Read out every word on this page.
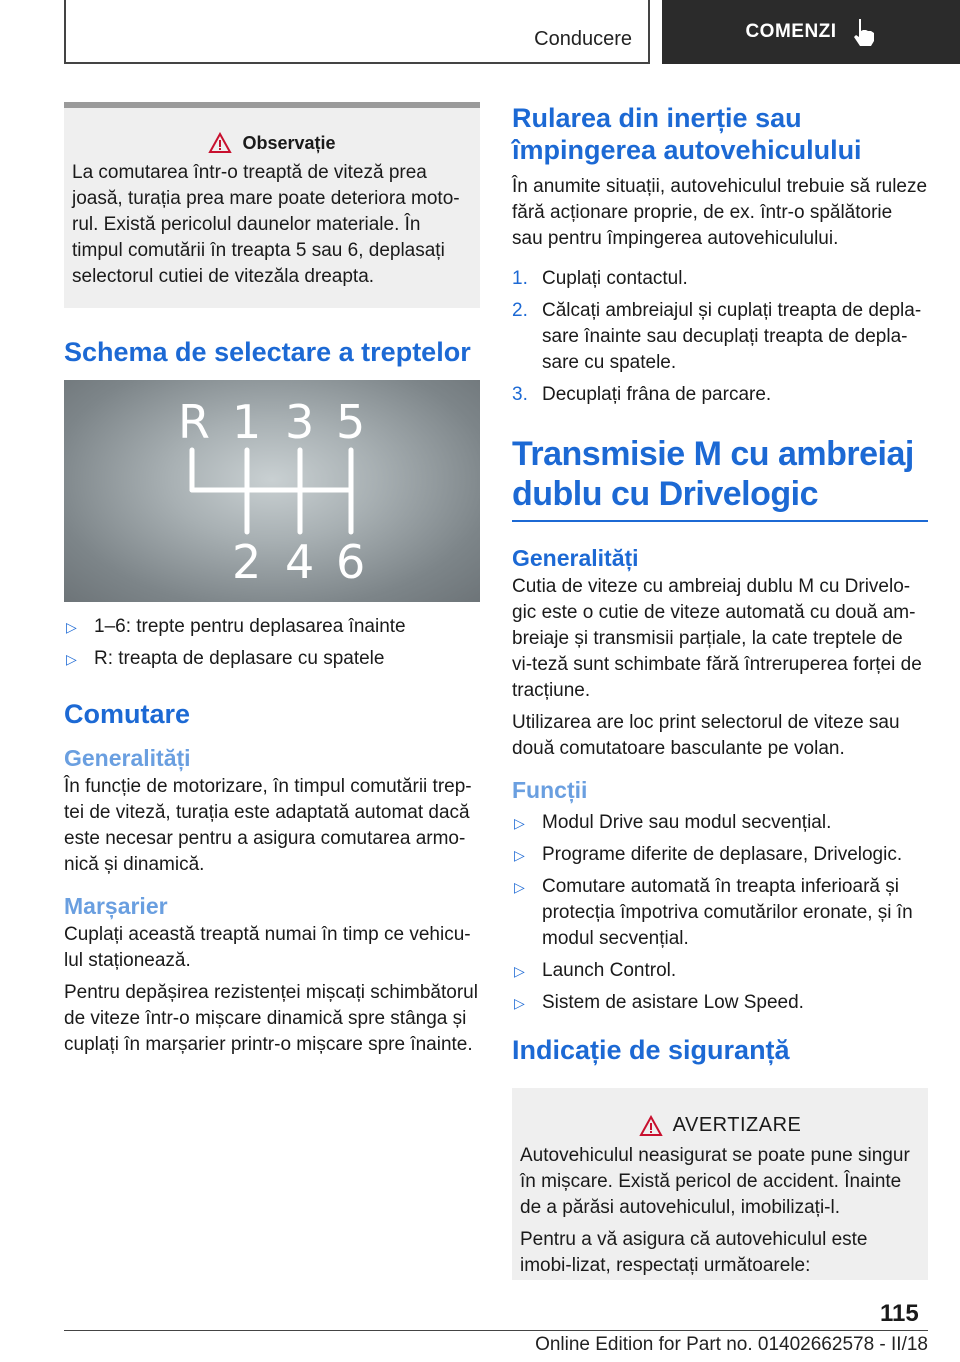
Conducere	COMENZI
Observație

La comutarea într-o treaptă de viteză prea joasă, turația prea mare poate deteriora moto-rul. Există pericolul daunelor materiale. În timpul comutării în treapta 5 sau 6, deplasați selectorul cutiei de vitezăla dreapta.

Schema de selectare a treptelor
R 1 3 5
2 4 6
▷ 1–6: trepte pentru deplasarea înainte
▷ R: treapta de deplasare cu spatele
Comutare
Generalități

În funcție de motorizare, în timpul comutării trep-tei de viteză, turația este adaptată automat dacă este necesar pentru a asigura comutarea armo-nică și dinamică.

Marșarier

Cuplați această treaptă numai în timp ce vehicu-lul staționează.

Pentru depășirea rezistenței mișcați schimbătorul de viteze într-o mișcare dinamică spre stânga și cuplați în marșarier printr-o mișcare spre înainte.

Rularea din inerție sau împingerea autovehiculului

În anumite situații, autovehiculul trebuie să ruleze fără acționare proprie, de ex. într-o spălătorie sau pentru împingerea autovehiculului.

1. Cuplați contactul.
2. Călcați ambreiajul și cuplați treapta de depla-sare înainte sau decuplați treapta de depla-sare cu spatele.
3. Decuplați frâna de parcare.
Transmisie M cu ambreiaj dublu cu Drivelogic
Generalități

Cutia de viteze cu ambreiaj dublu M cu Drivelo-gic este o cutie de viteze automată cu două am-breiaje și transmisii parțiale, la cate treptele de vi-teză sunt schimbate fără întreruperea forței de tracțiune.

Utilizarea are loc print selectorul de viteze sau două comutatoare basculante pe volan.

Funcții
▷ Modul Drive sau modul secvențial.
▷ Programe diferite de deplasare, Drivelogic.
▷ Comutare automată în treapta inferioară și protecția împotriva comutărilor eronate, și în modul secvențial.
▷ Launch Control.
▷ Sistem de asistare Low Speed.
Indicație de siguranță
AVERTIZARE

Autovehiculul neasigurat se poate pune singur în mișcare. Există pericol de accident. Înainte de a părăsi autovehiculul, imobilizați-l.

Pentru a vă asigura că autovehiculul este imobi-lizat, respectați următoarele:

115
Online Edition for Part no. 01402662578 - II/18
